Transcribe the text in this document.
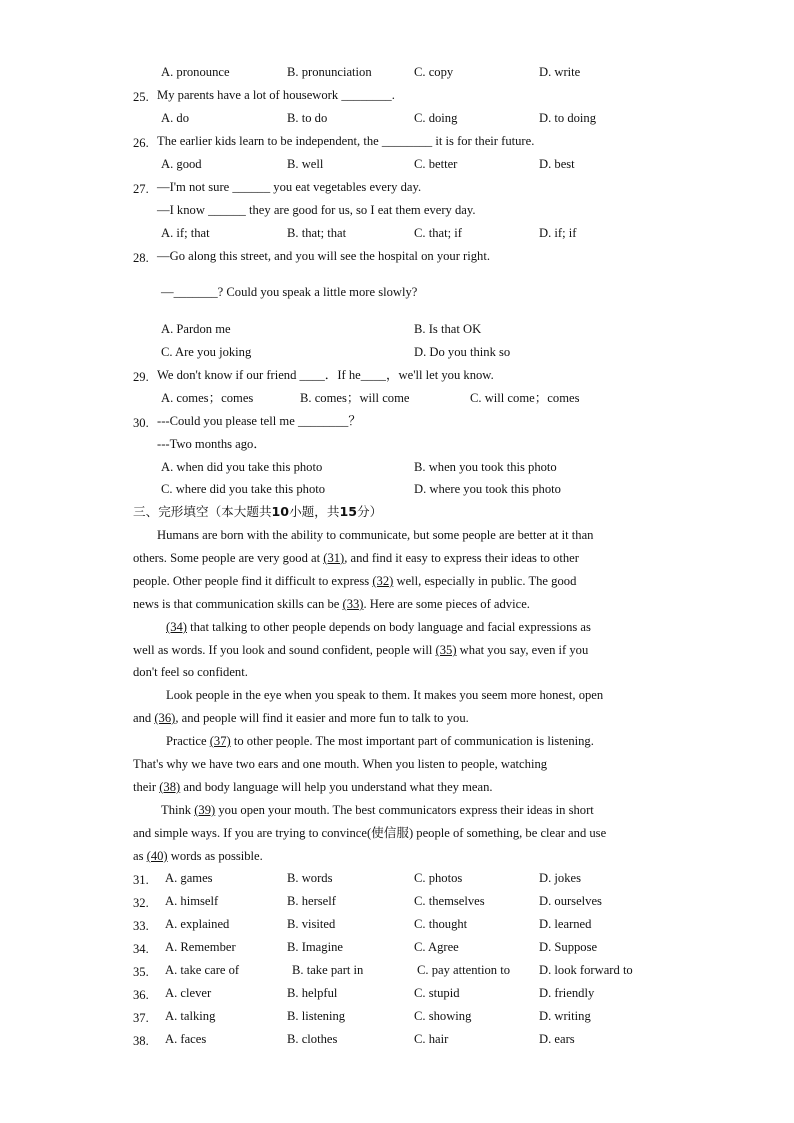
A. pronounce	B. pronunciation	C. copy	D. write
25. My parents have a lot of housework ________.
A. do	B. to do	C. doing	D. to doing
26. The earlier kids learn to be independent, the ________ it is for their future.
A. good	B. well	C. better	D. best
27. —I'm not sure ______ you eat vegetables every day.
—I know ______ they are good for us, so I eat them every day.
A. if; that	B. that; that	C. that; if	D. if; if
28. —Go along this street, and you will see the hospital on your right.
—_______? Could you speak a little more slowly?
A. Pardon me	B. Is that OK
C. Are you joking	D. Do you think so
29. We don't know if our friend ____．If he____，we'll let you know.
A. comes；comes	B. comes；will come	C. will come；comes
30. ---Could you please tell me ________？
---Two months ago．
A. when did you take this photo	B. when you took this photo
C. where did you take this photo	D. where you took this photo
三、完形填空（本大题共10小题，共15分）
Humans are born with the ability to communicate, but some people are better at it than
others. Some people are very good at (31), and find it easy to express their ideas to other
people. Other people find it difficult to express (32) well, especially in public. The good
news is that communication skills can be (33). Here are some pieces of advice.
(34) that talking to other people depends on body language and facial expressions as
well as words. If you look and sound confident, people will (35) what you say, even if you
don't feel so confident.
Look people in the eye when you speak to them. It makes you seem more honest, open
and (36), and people will find it easier and more fun to talk to you.
Practice (37) to other people. The most important part of communication is listening.
That's why we have two ears and one mouth. When you listen to people, watching
their (38) and body language will help you understand what they mean.
Think (39) you open your mouth. The best communicators express their ideas in short
and simple ways. If you are trying to convince(使信服) people of something, be clear and use
as (40) words as possible.
31. A. games	B. words	C. photos	D. jokes
32. A. himself	B. herself	C. themselves	D. ourselves
33. A. explained	B. visited	C. thought	D. learned
34. A. Remember	B. Imagine	C. Agree	D. Suppose
35. A. take care of	B. take part in	C. pay attention to D. look forward to
36. A. clever	B. helpful	C. stupid	D. friendly
37. A. talking	B. listening	C. showing	D. writing
38. A. faces	B. clothes	C. hair	D. ears
